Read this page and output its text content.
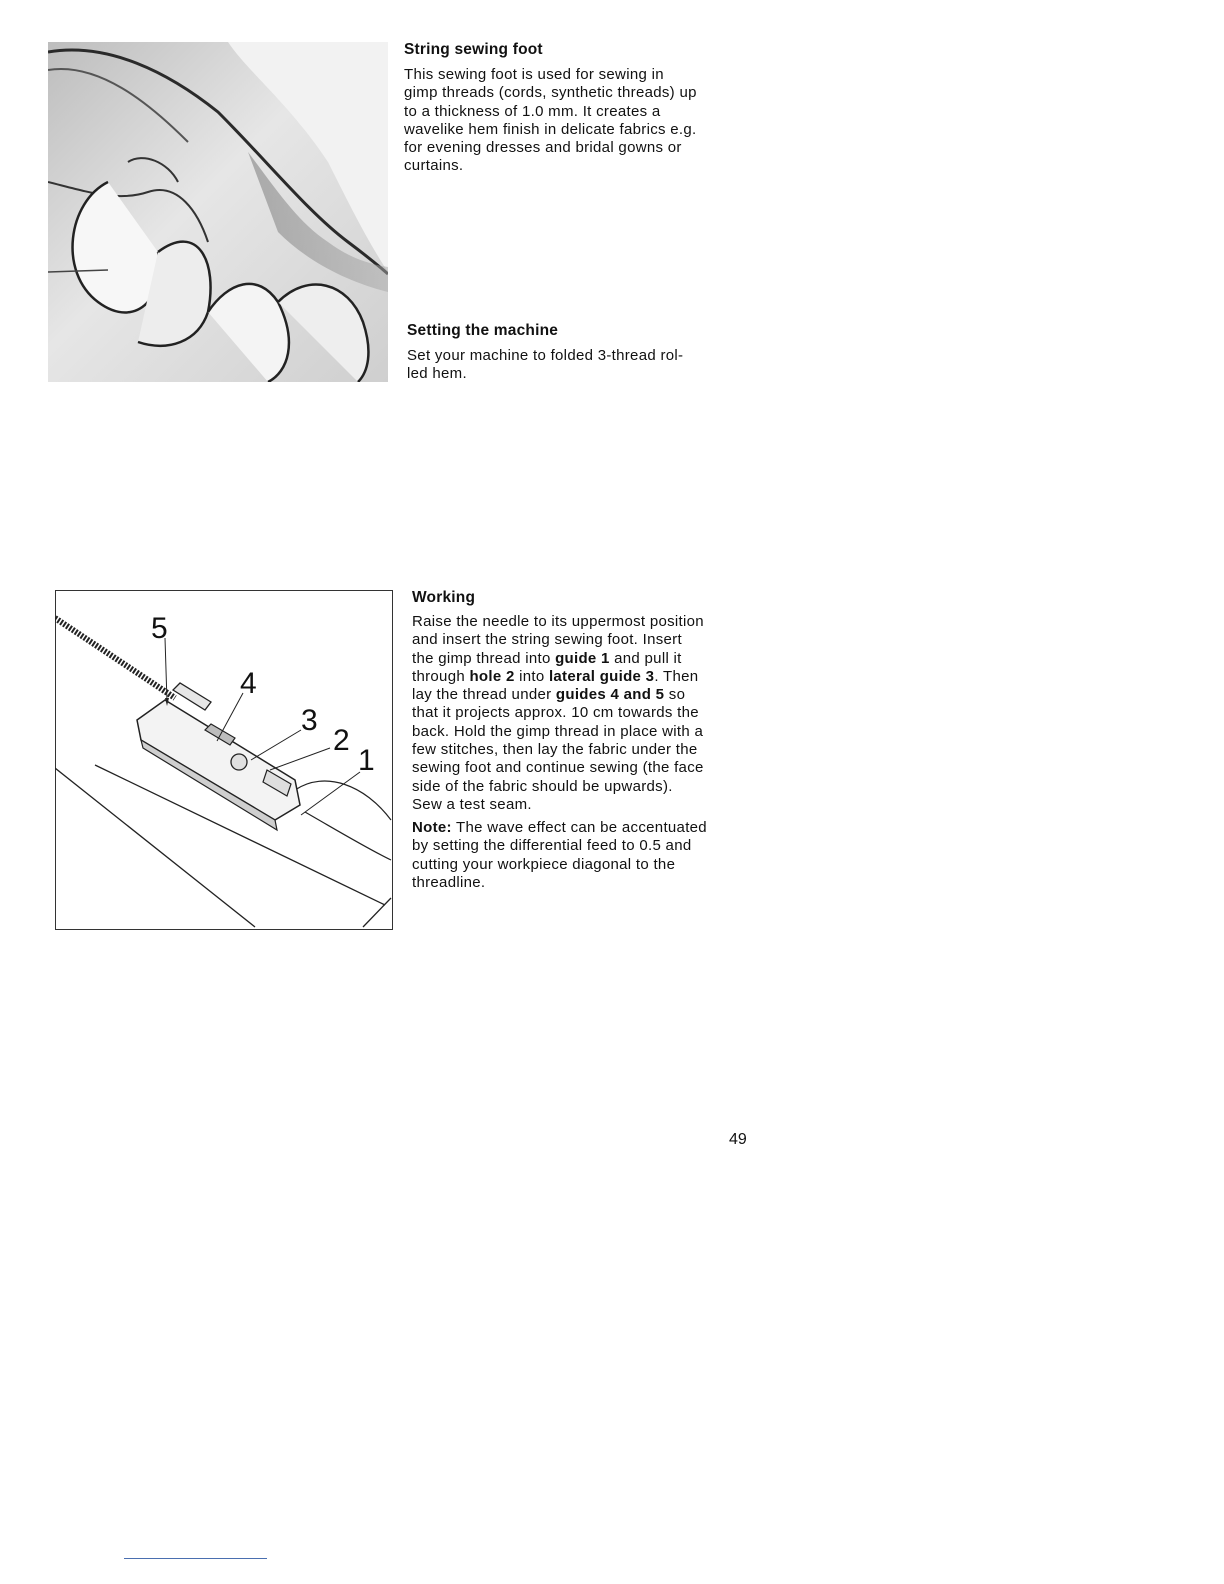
String sewing foot
This sewing foot is used for sewing in
gimp threads (cords, synthetic threads) up
to a thickness of 1.0 mm. It creates a
wavelike hem finish in delicate fabrics e.g.
for evening dresses and bridal gowns or
curtains.
Setting the machine
Set your machine to folded 3-thread rol-
led hem.
5
4
3
2
1
Working
Raise the needle to its uppermost position
and insert the string sewing foot. Insert
the gimp thread into guide 1 and pull it
through hole 2 into lateral guide 3. Then
lay the thread under guides 4 and 5 so
that it projects approx. 10 cm towards the
back. Hold the gimp thread in place with a
few stitches, then lay the fabric under the
sewing foot and continue sewing (the face
side of the fabric should be upwards).
Sew a test seam.
Note: The wave effect can be accentuated
by setting the differential feed to 0.5 and
cutting your workpiece diagonal to the
threadline.
49
